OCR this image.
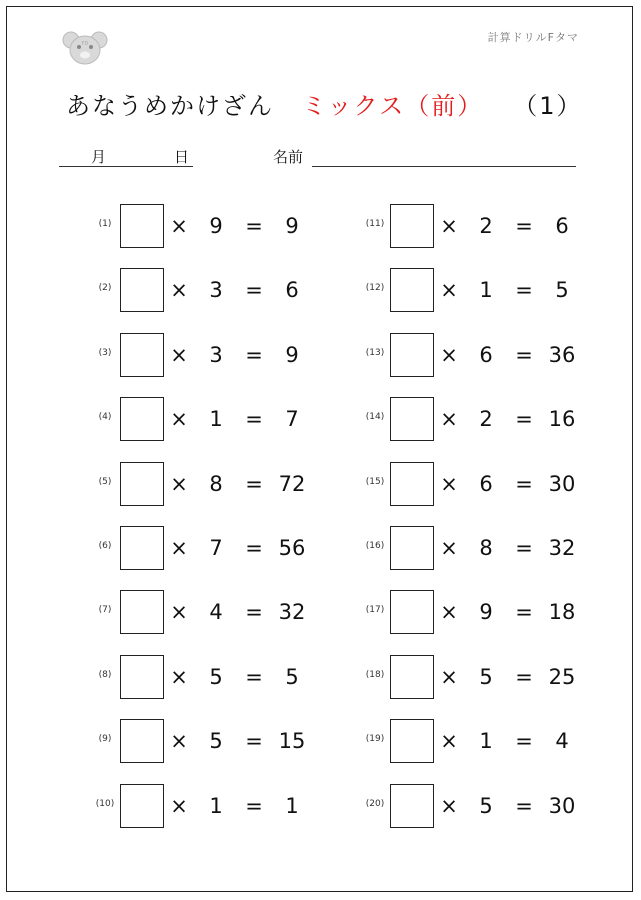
FD	計算ドリルFタマ
あなうめかけざん ミックス（前） （1）
月	日	名前
(1)	× 9 =	9
(2)	× 3 =	6
(3)	× 3 =	9
(4)	× 1 =	7
(5)	× 8 = 72
(6)	× 7 = 56
(7)	× 4 = 32
(8)	× 5 =	5
(9)	× 5 = 15
(10)	× 1 =	1
(11)	× 2 =	6
(12)	× 1 =	5
(13)	× 6 = 36
(14)	× 2 = 16
(15)	× 6 = 30
(16)	× 8 = 32
(17)	× 9 = 18
(18)	× 5 = 25
(19)	× 1 =	4
(20)	× 5 = 30
